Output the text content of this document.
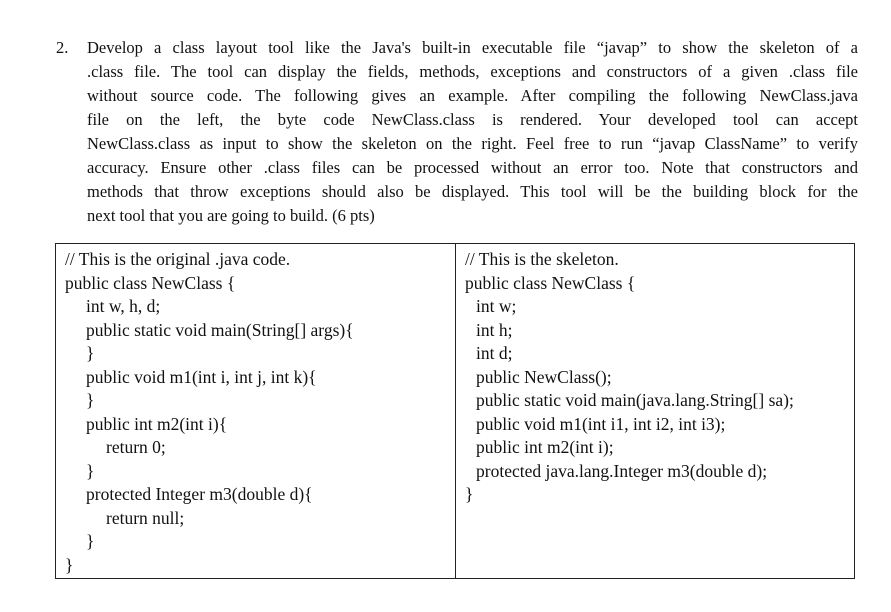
2. Develop a class layout tool like the Java's built-in executable file “javap” to show the skeleton of a
.class file. The tool can display the fields, methods, exceptions and constructors of a given .class file
without source code. The following gives an example. After compiling the following NewClass.java
file on the left, the byte code NewClass.class is rendered. Your developed tool can accept
NewClass.class as input to show the skeleton on the right. Feel free to run “javap ClassName” to verify
accuracy. Ensure other .class files can be processed without an error too. Note that constructors and
methods that throw exceptions should also be displayed. This tool will be the building block for the
next tool that you are going to build. (6 pts)
// This is the original .java code.
public class NewClass {
int w, h, d;
public static void main(String[] args){
}
public void m1(int i, int j, int k){
}
public int m2(int i){
return 0;
}
protected Integer m3(double d){
return null;
}
}
// This is the skeleton.
public class NewClass {
int w;
int h;
int d;
public NewClass();
public static void main(java.lang.String[] sa);
public void m1(int i1, int i2, int i3);
public int m2(int i);
protected java.lang.Integer m3(double d);
}
